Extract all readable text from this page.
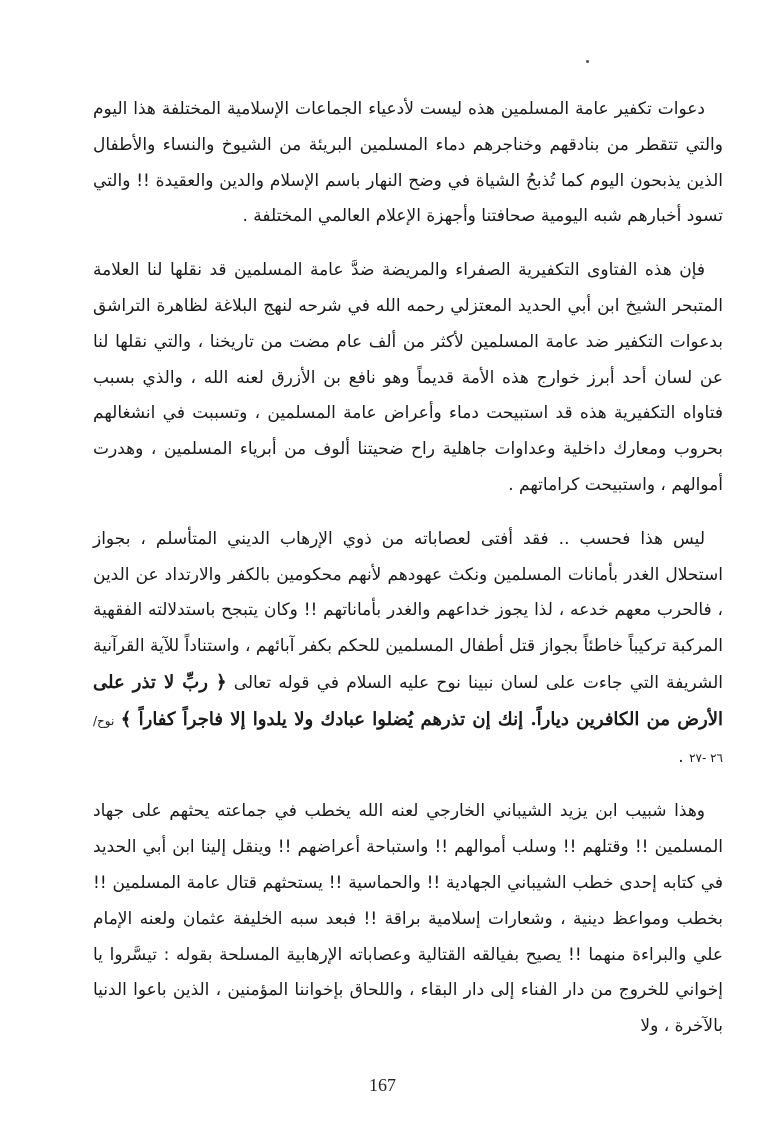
دعوات تكفير عامة المسلمين هذه ليست لأدعياء الجماعات الإسلامية المختلفة هذا اليوم والتي تتقطر من بنادقهم وخناجرهم دماء المسلمين البريئة من الشيوخ والنساء والأطفال الذين يذبحون اليوم كما تُذبحُ الشياة في وضح النهار باسم الإسلام والدين والعقيدة !! والتي تسود أخبارهم شبه اليومية صحافتنا وأجهزة الإعلام العالمي المختلفة .

فإن هذه الفتاوى التكفيرية الصفراء والمريضة ضدَّ عامة المسلمين قد نقلها لنا العلامة المتبحر الشيخ ابن أبي الحديد المعتزلي رحمه الله في شرحه لنهج البلاغة لظاهرة التراشق بدعوات التكفير ضد عامة المسلمين لأكثر من ألف عام مضت من تاريخنا ، والتي نقلها لنا عن لسان أحد أبرز خوارج هذه الأمة قديماً وهو نافع بن الأزرق لعنه الله ، والذي بسبب فتاواه التكفيرية هذه قد استبيحت دماء وأعراض عامة المسلمين ، وتسببت في انشغالهم بحروب ومعارك داخلية وعداوات جاهلية راح ضحيتنا ألوف من أبرياء المسلمين ، وهدرت أموالهم ، واستبيحت كراماتهم .

ليس هذا فحسب .. فقد أفتى لعصاباته من ذوي الإرهاب الديني المتأسلم ، بجواز استحلال الغدر بأمانات المسلمين ونكث عهودهم لأنهم محكومين بالكفر والارتداد عن الدين ، فالحرب معهم خدعه ، لذا يجوز خداعهم والغدر بأماناتهم !! وكان يتبجح باستدلالته الفقهية المركبة تركيباً خاطئاً بجواز قتل أطفال المسلمين للحكم بكفر آبائهم ، واستناداً للآية القرآنية الشريفة التي جاءت على لسان نبينا نوح عليه السلام في قوله تعالى ﴿ ربِّ لا تذر على الأرض من الكافرين دياراً. إنك إن تذرهم يُضلوا عبادك ولا يلدوا إلا فاجراً كفاراً ﴾ نوح/ ٢٦ -٢٧ .

وهذا شبيب ابن يزيد الشيباني الخارجي لعنه الله يخطب في جماعته يحثهم على جهاد المسلمين !! وقتلهم !! وسلب أموالهم !! واستباحة أعراضهم !! وينقل إلينا ابن أبي الحديد في كتابه إحدى خطب الشيباني الجهادية !! والحماسية !! يستحثهم قتال عامة المسلمين !! بخطب ومواعظ دينية ، وشعارات إسلامية براقة !! فبعد سبه الخليفة عثمان ولعنه الإمام علي والبراءة منهما !! يصيح بفيالقه القتالية وعصاباته الإرهابية المسلحة بقوله : تيسَّروا يا إخواني للخروج من دار الفناء إلى دار البقاء ، واللحاق بإخواننا المؤمنين ، الذين باعوا الدنيا بالآخرة ، ولا

167
